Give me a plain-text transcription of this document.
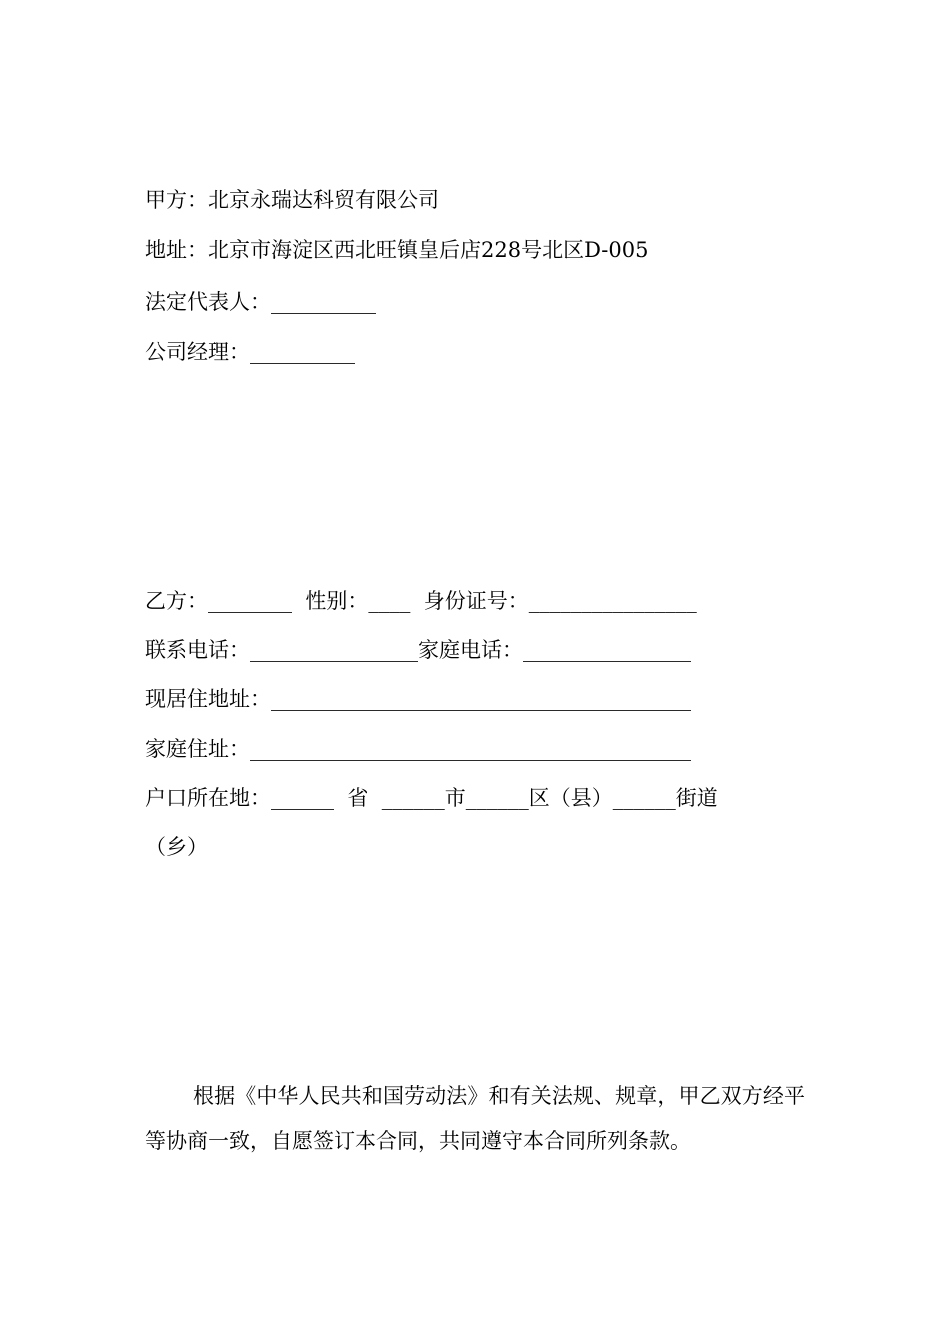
甲方：北京永瑞达科贸有限公司

地址：北京市海淀区西北旺镇皇后店228号北区D-005

法定代表人：__________

公司经理：__________

乙方：________  性别：____  身份证号：________________

联系电话：________________家庭电话：________________

现居住地址：________________________________________

家庭住址：__________________________________________

户口所在地：______  省  ______市______区（县）______街道

（乡）

根据《中华人民共和国劳动法》和有关法规、规章，甲乙双方经平等协商一致，自愿签订本合同，共同遵守本合同所列条款。
